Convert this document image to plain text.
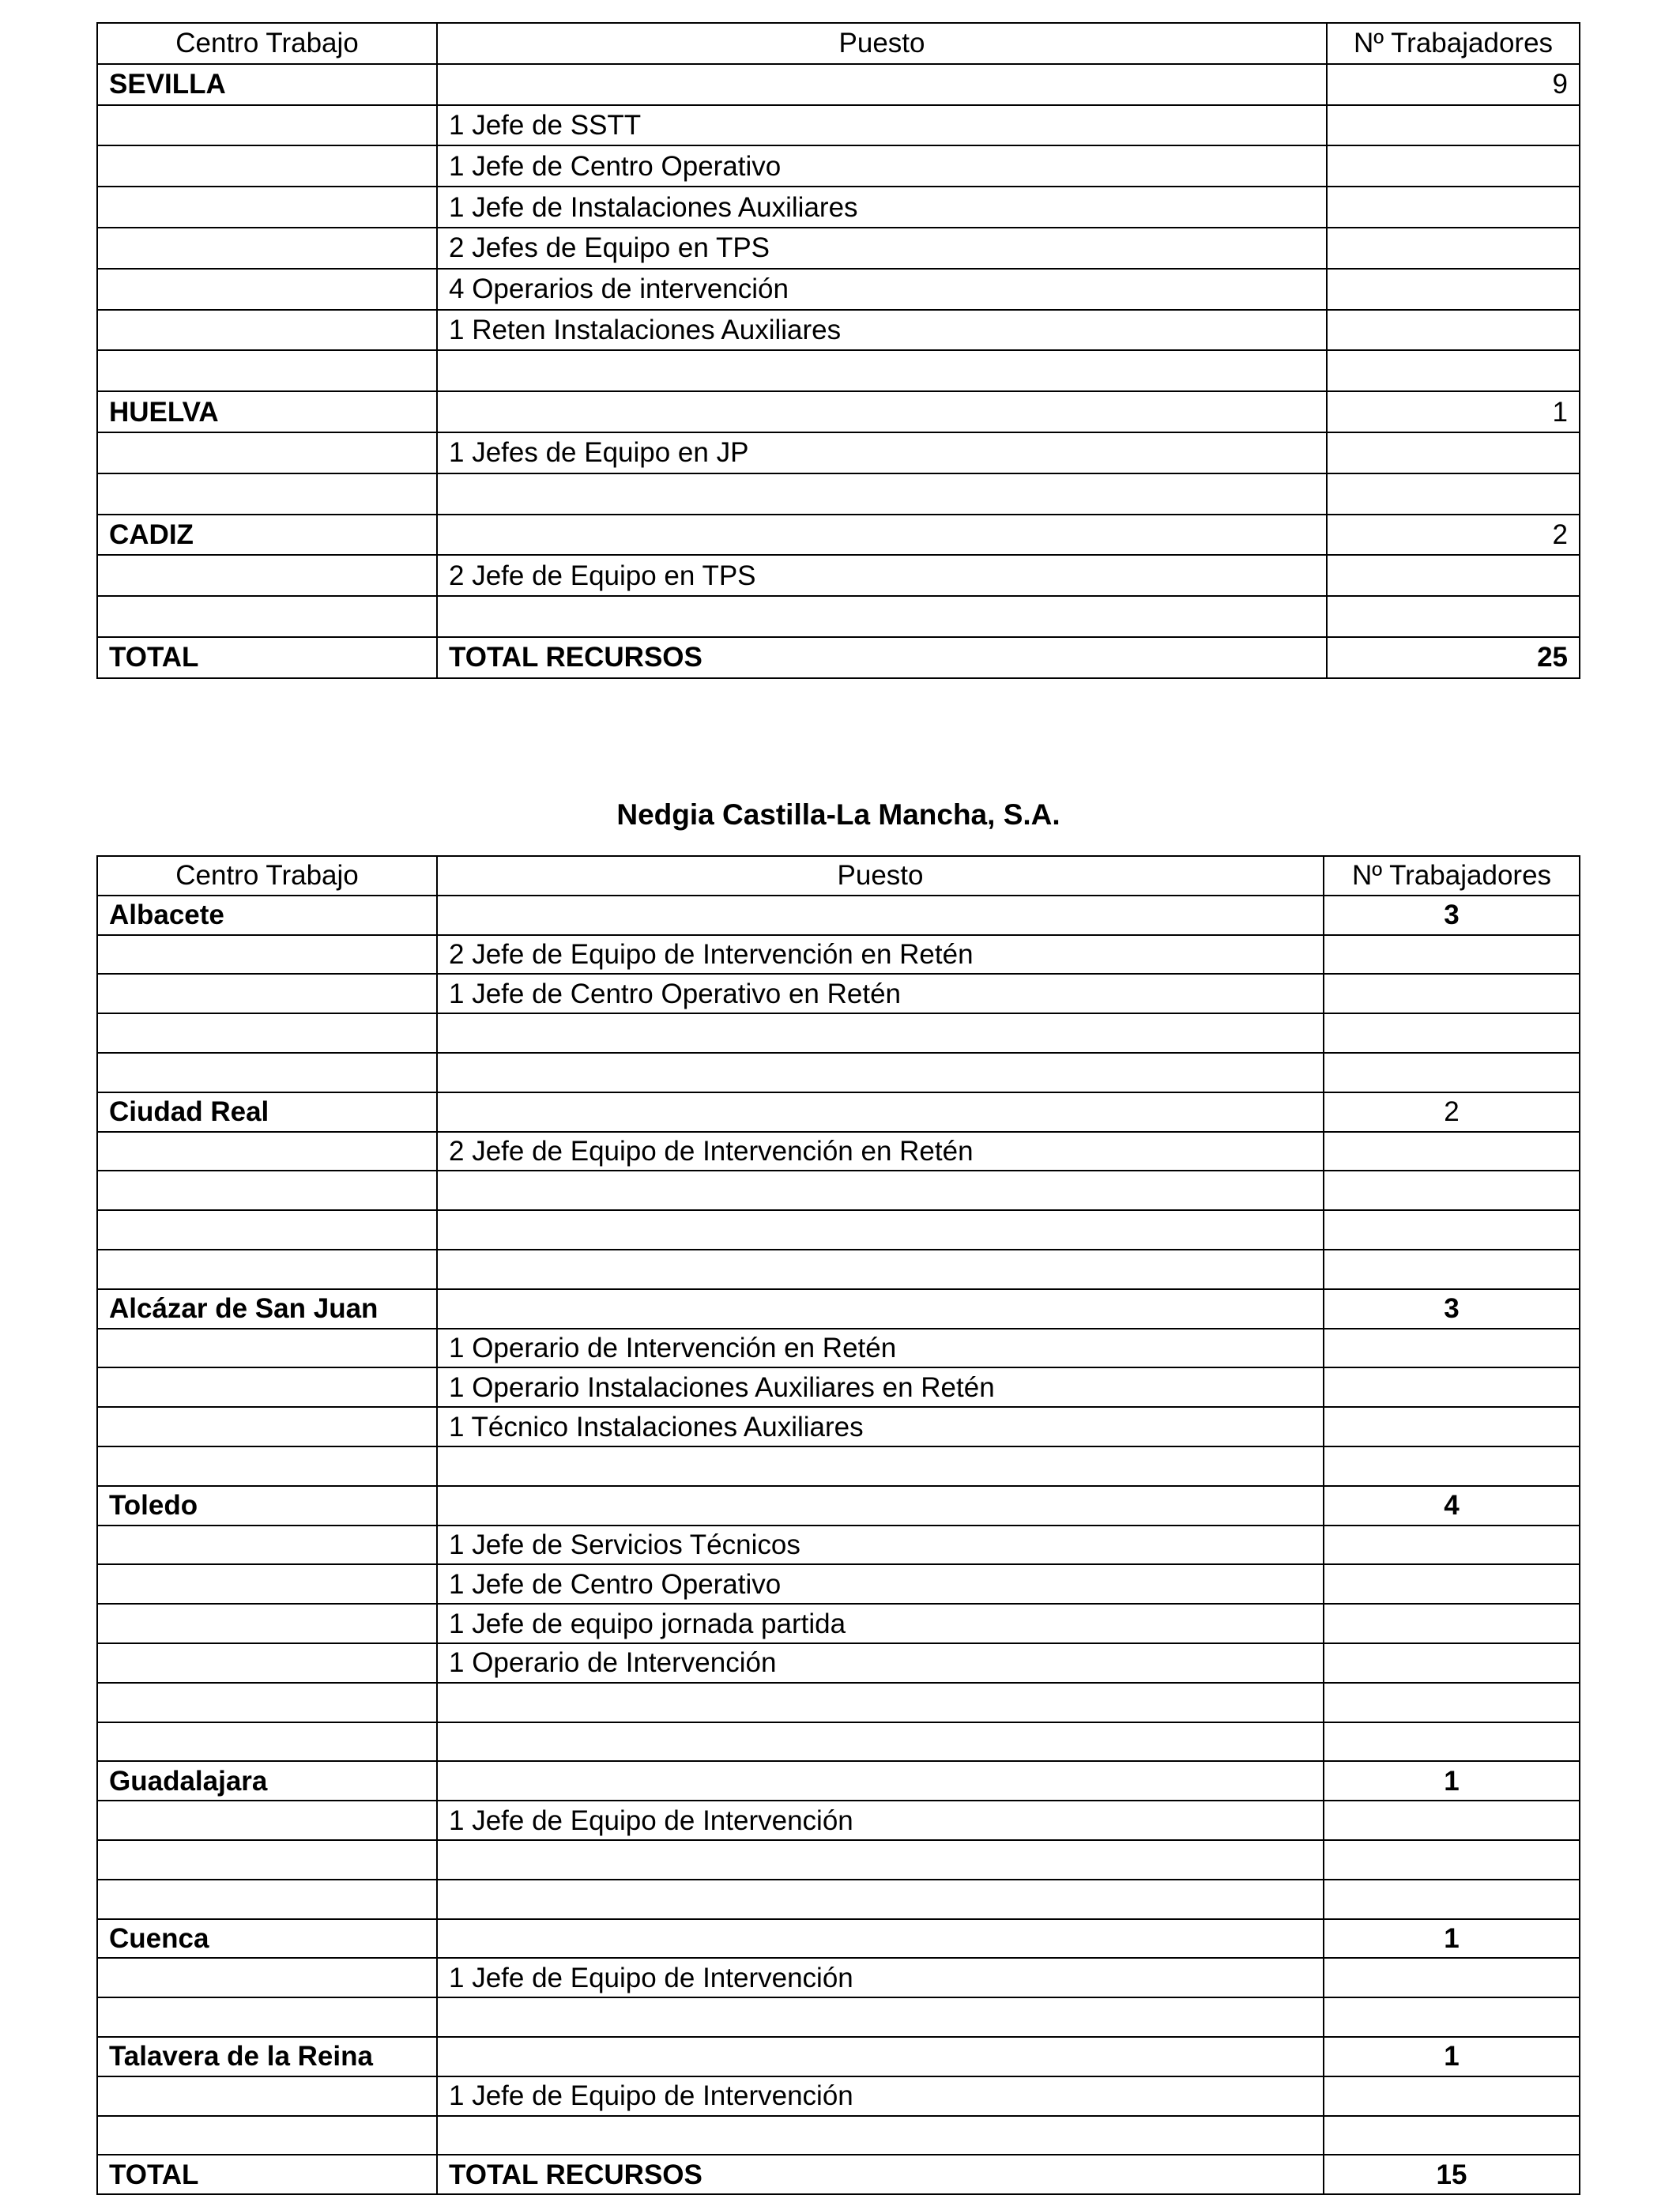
Centro Trabajo	Puesto	Nº Trabajadores
SEVILLA		9
	1 Jefe de SSTT	
	1 Jefe de Centro Operativo	
	1 Jefe de Instalaciones Auxiliares	
	2 Jefes de Equipo en TPS	
	4 Operarios de intervención	
	1 Reten Instalaciones Auxiliares	

HUELVA		1
	1 Jefes de Equipo en JP	

CADIZ		2
	2 Jefe de Equipo en TPS	

TOTAL	TOTAL RECURSOS	25
Nedgia Castilla-La Mancha, S.A.
Centro Trabajo	Puesto	Nº Trabajadores
Albacete		3
	2 Jefe de Equipo de Intervención en Retén	
	1 Jefe de Centro Operativo en Retén	

Ciudad Real		2
	2 Jefe de Equipo de Intervención en Retén	

Alcázar de San Juan		3
	1 Operario de Intervención en Retén	
	1 Operario Instalaciones Auxiliares en Retén	
	1 Técnico Instalaciones Auxiliares	

Toledo		4
	1 Jefe de Servicios Técnicos	
	1 Jefe de Centro Operativo	
	1 Jefe de equipo jornada partida	
	1 Operario de Intervención	

Guadalajara		1
	1 Jefe de Equipo de Intervención	

Cuenca		1
	1 Jefe de Equipo de Intervención	

Talavera de la Reina		1
	1 Jefe de Equipo de Intervención	

TOTAL	TOTAL RECURSOS	15
